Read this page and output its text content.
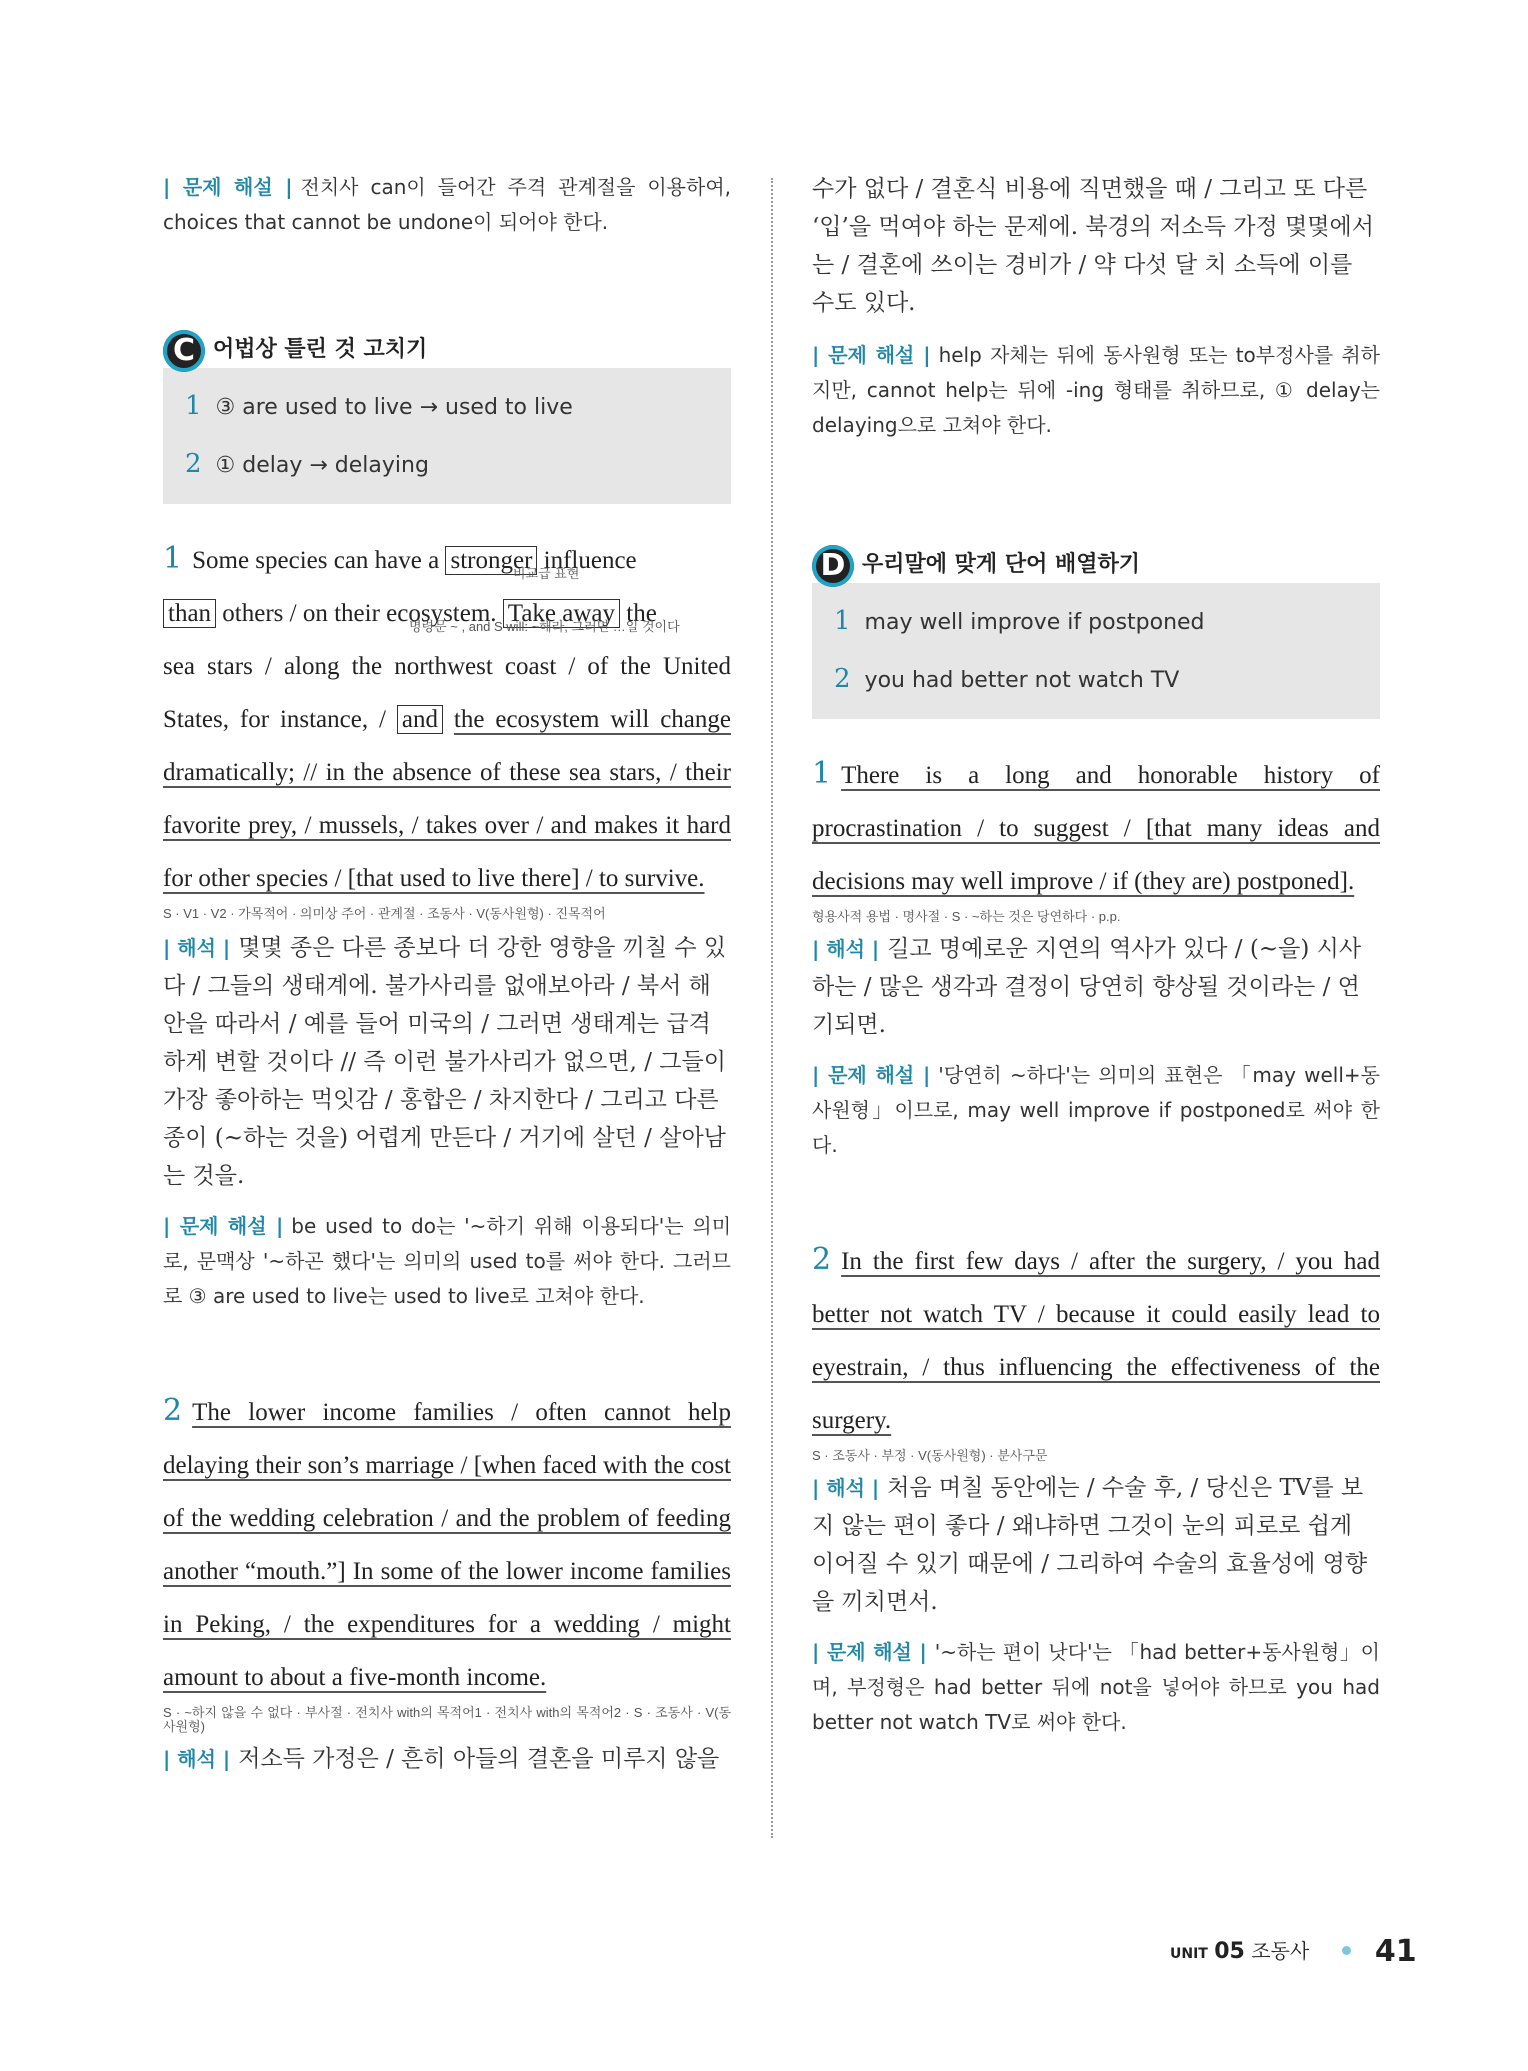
| 문제 해설 | 전치사 can이 들어간 주격 관계절을 이용하여, choices that cannot be undone이 되어야 한다.
C 어법상 틀린 것 고치기
1 ③ are used to live → used to live
2 ① delay → delaying
1 Some species can have a stronger influence
비교급 표현
than others / on their ecosystem. Take away the
명령문 ~ , and S will: ~해라, 그러면 …일 것이다
sea stars / along the northwest coast / of the United States, for instance, / and the ecosystem will change dramatically; // in the absence of these sea stars, / their favorite prey, / mussels, / takes over / and makes it hard for other species / [that used to live there] / to survive.
S · V1 · V2 · 가목적어 · 의미상 주어 · 관계절 · 조동사 · V(동사원형) · 진목적어
| 해석 | 몇몇 종은 다른 종보다 더 강한 영향을 끼칠 수 있다 / 그들의 생태계에. 불가사리를 없애보아라 / 북서 해안을 따라서 / 예를 들어 미국의 / 그러면 생태계는 급격하게 변할 것이다 // 즉 이런 불가사리가 없으면, / 그들이 가장 좋아하는 먹잇감 / 홍합은 / 차지한다 / 그리고 다른 종이 (~하는 것을) 어렵게 만든다 / 거기에 살던 / 살아남는 것을.
| 문제 해설 | be used to do는 '~하기 위해 이용되다'는 의미로, 문맥상 '~하곤 했다'는 의미의 used to를 써야 한다. 그러므로 ③ are used to live는 used to live로 고쳐야 한다.
2 The lower income families / often cannot help delaying their son’s marriage / [when faced with the cost of the wedding celebration / and the problem of feeding another “mouth.”] In some of the lower income families in Peking, / the expenditures for a wedding / might amount to about a five-month income.
S · ~하지 않을 수 없다 · 부사절 · 전치사 with의 목적어1 · 전치사 with의 목적어2 · S · 조동사 · V(동사원형)
| 해석 | 저소득 가정은 / 흔히 아들의 결혼을 미루지 않을
수가 없다 / 결혼식 비용에 직면했을 때 / 그리고 또 다른 ‘입’을 먹여야 하는 문제에. 북경의 저소득 가정 몇몇에서는 / 결혼에 쓰이는 경비가 / 약 다섯 달 치 소득에 이를 수도 있다.
| 문제 해설 | help 자체는 뒤에 동사원형 또는 to부정사를 취하지만, cannot help는 뒤에 -ing 형태를 취하므로, ① delay는 delaying으로 고쳐야 한다.
D 우리말에 맞게 단어 배열하기
1 may well improve if postponed
2 you had better not watch TV
1 There is a long and honorable history of procrastination / to suggest / [that many ideas and decisions may well improve / if (they are) postponed].
형용사적 용법 · 명사절 · S · ~하는 것은 당연하다 · p.p.
| 해석 | 길고 명예로운 지연의 역사가 있다 / (~을) 시사하는 / 많은 생각과 결정이 당연히 향상될 것이라는 / 연기되면.
| 문제 해설 | '당연히 ~하다'는 의미의 표현은 「may well+동사원형」이므로, may well improve if postponed로 써야 한다.
2 In the first few days / after the surgery, / you had better not watch TV / because it could easily lead to eyestrain, / thus influencing the effectiveness of the surgery.
S · 조동사 · 부정 · V(동사원형) · 분사구문
| 해석 | 처음 며칠 동안에는 / 수술 후, / 당신은 TV를 보지 않는 편이 좋다 / 왜냐하면 그것이 눈의 피로로 쉽게 이어질 수 있기 때문에 / 그리하여 수술의 효율성에 영향을 끼치면서.
| 문제 해설 | '~하는 편이 낫다'는 「had better+동사원형」이며, 부정형은 had better 뒤에 not을 넣어야 하므로 you had better not watch TV로 써야 한다.
UNIT 05 조동사 41
